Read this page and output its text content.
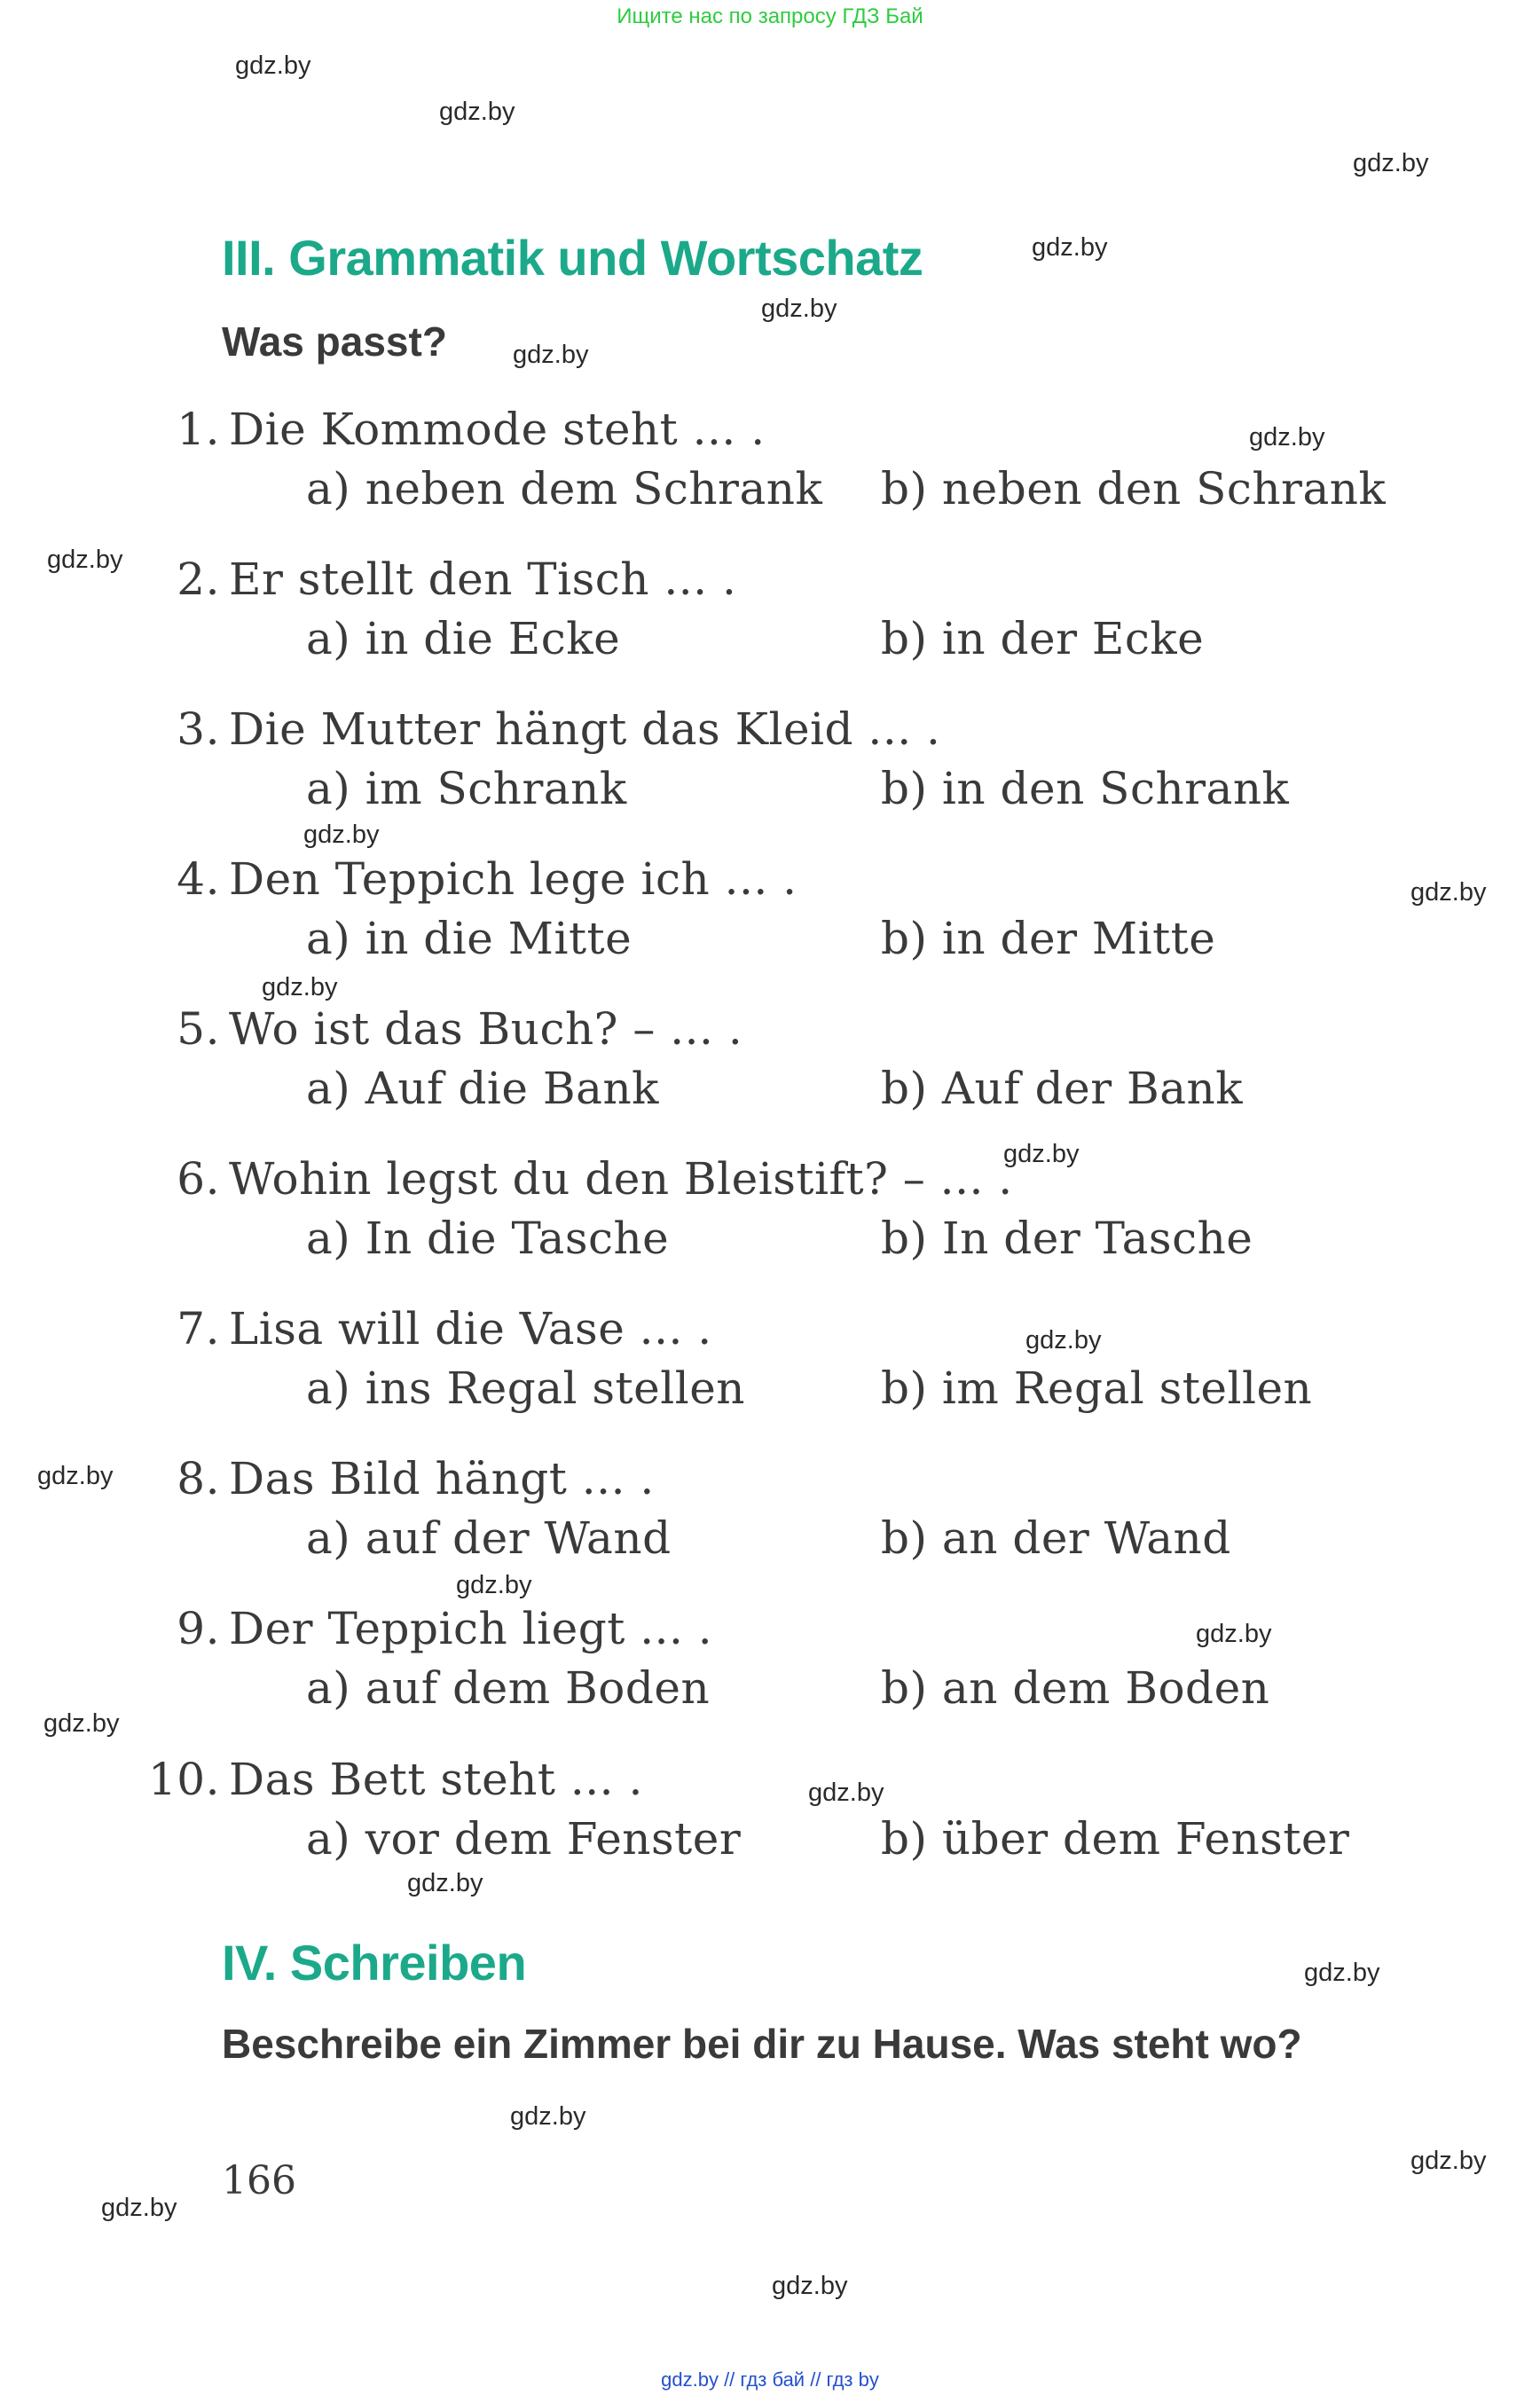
Ищите нас по запросу ГДЗ Бай
gdz.by
gdz.by
gdz.by
gdz.by
gdz.by
gdz.by
gdz.by
gdz.by
gdz.by
gdz.by
gdz.by
gdz.by
gdz.by
gdz.by
gdz.by
gdz.by
gdz.by
gdz.by
gdz.by
gdz.by
gdz.by
gdz.by
gdz.by
gdz.by
III. Grammatik und Wortschatz
Was passt?
1. Die Kommode steht ... .
a) neben dem Schrank b) neben den Schrank
2. Er stellt den Tisch ... .
a) in die Ecke	b) in der Ecke
3. Die Mutter hängt das Kleid ... .
a) im Schrank	b) in den Schrank
4. Den Teppich lege ich ... .
a) in die Mitte	b) in der Mitte
5. Wo ist das Buch? – ... .
a) Auf die Bank	b) Auf der Bank
6. Wohin legst du den Bleistift? – ... .
a) In die Tasche	b) In der Tasche
7. Lisa will die Vase ... .
a) ins Regal stellen	b) im Regal stellen
8. Das Bild hängt ... .
a) auf der Wand	b) an der Wand
9. Der Teppich liegt ... .
a) auf dem Boden	b) an dem Boden
10. Das Bett steht ... .
a) vor dem Fenster	b) über dem Fenster
IV. Schreiben
Beschreibe ein Zimmer bei dir zu Hause. Was steht wo?
166
gdz.by // гдз бай // гдз by
